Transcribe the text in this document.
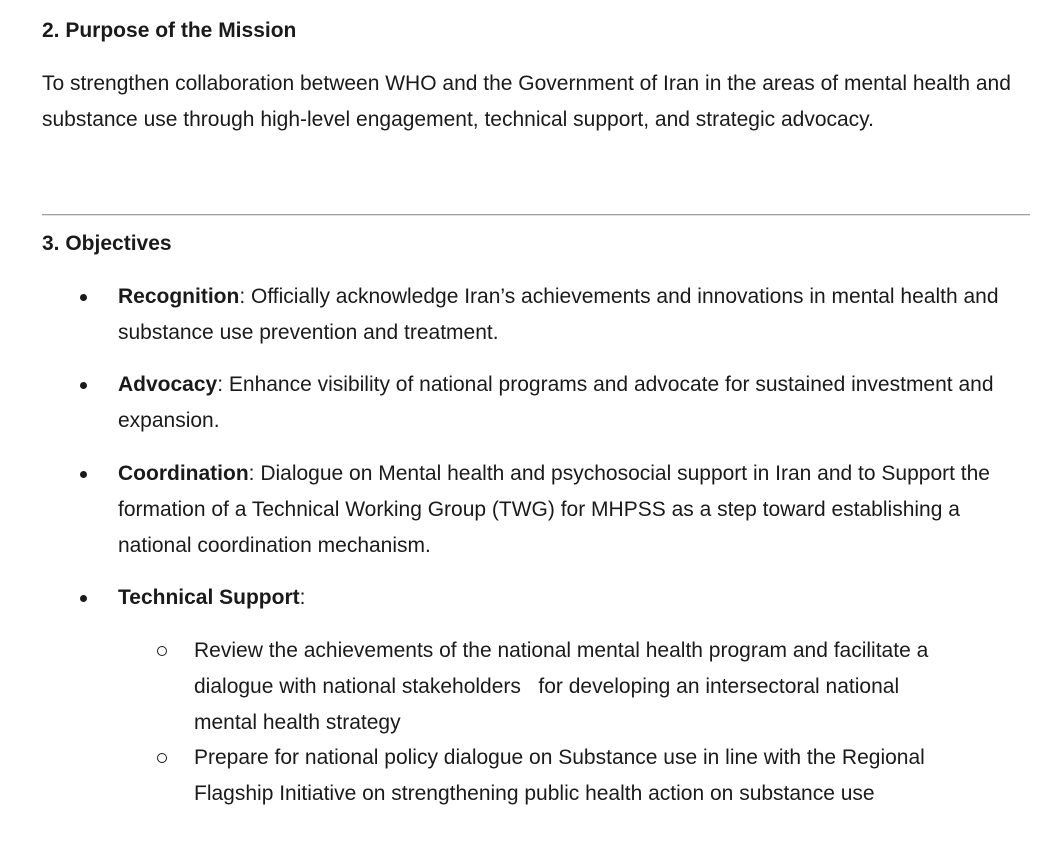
2. Purpose of the Mission

To strengthen collaboration between WHO and the Government of Iran in the areas of mental health and substance use through high-level engagement, technical support, and strategic advocacy.

3. Objectives
Recognition: Officially acknowledge Iran’s achievements and innovations in mental health and substance use prevention and treatment.
Advocacy: Enhance visibility of national programs and advocate for sustained investment and expansion.
Coordination: Dialogue on Mental health and psychosocial support in Iran and to Support the formation of a Technical Working Group (TWG) for MHPSS as a step toward establishing a national coordination mechanism.
Technical Support:
Review the achievements of the national mental health program and facilitate a dialogue with national stakeholders   for developing an intersectoral national mental health strategy
Prepare for national policy dialogue on Substance use in line with the Regional Flagship Initiative on strengthening public health action on substance use
